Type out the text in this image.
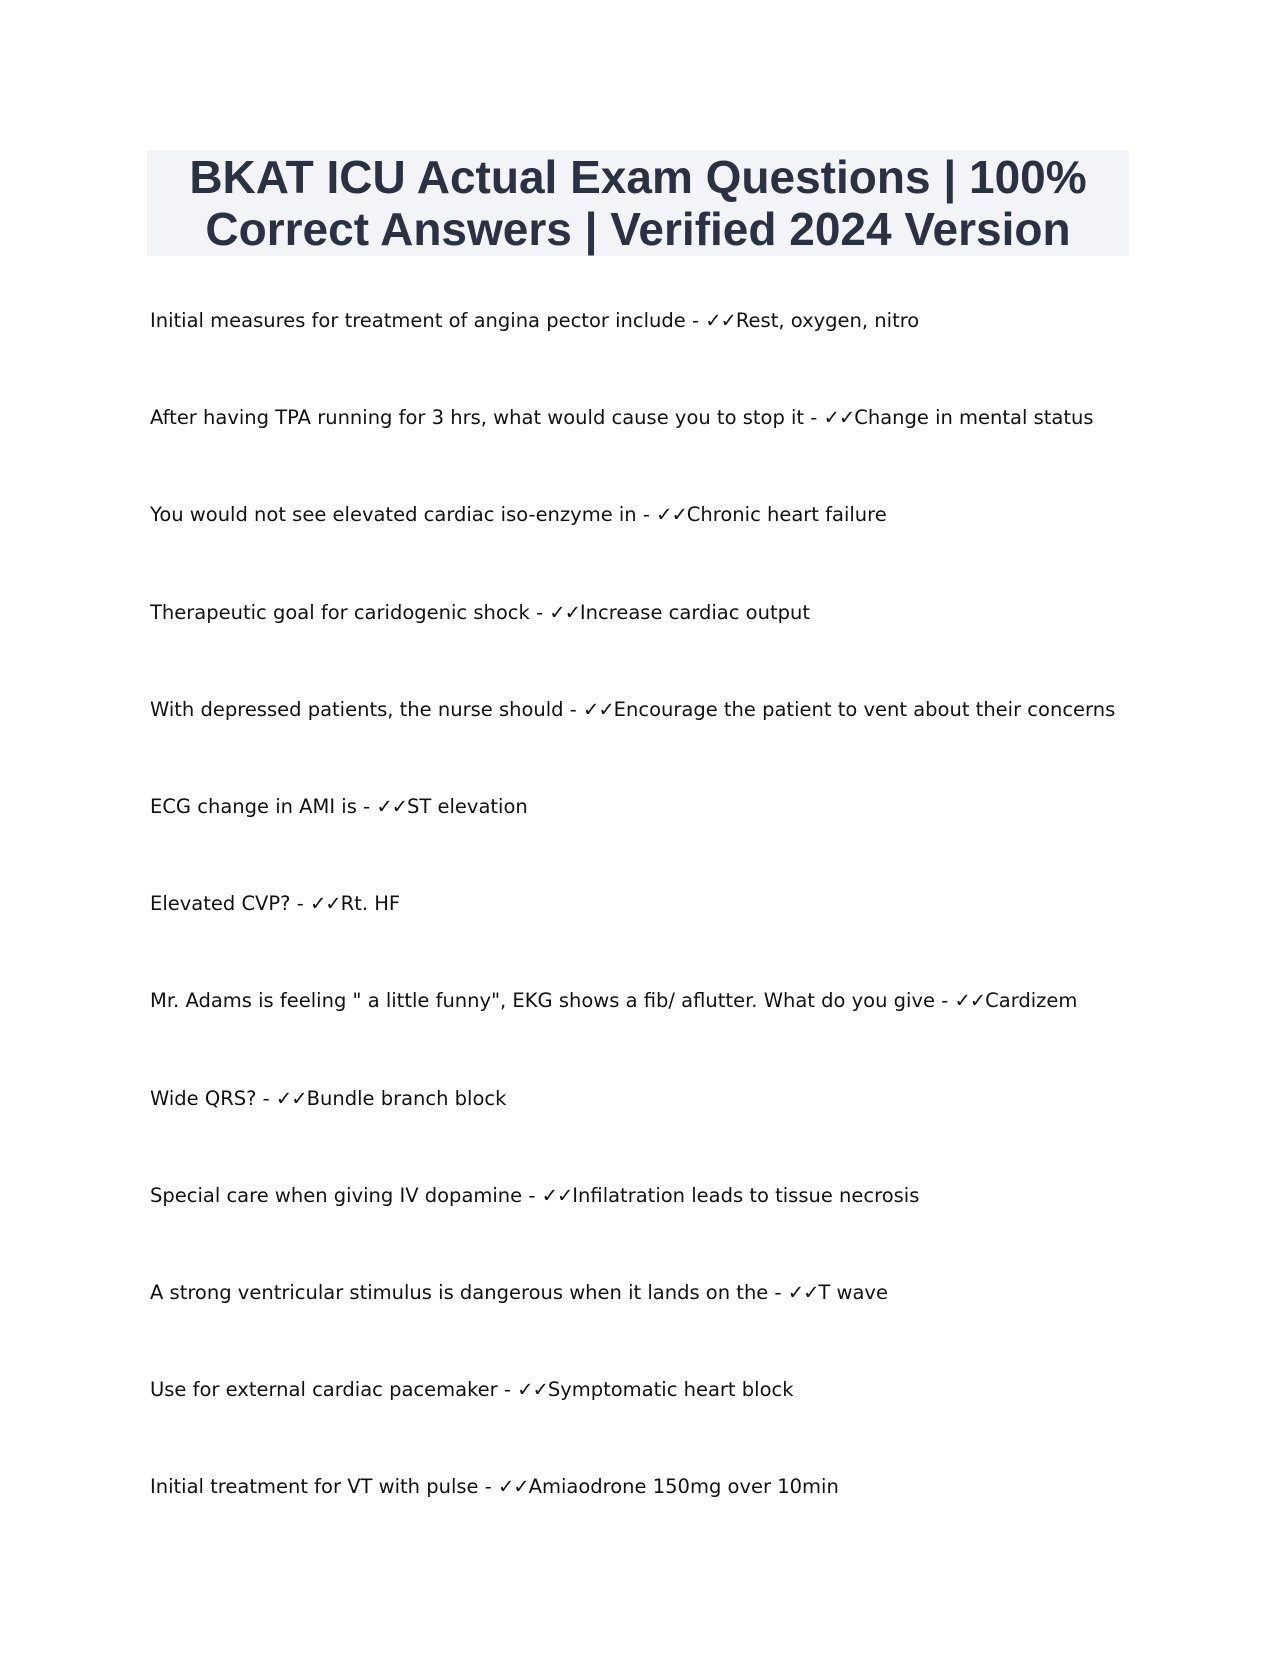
BKAT ICU Actual Exam Questions | 100%
Correct Answers | Verified 2024 Version
Initial measures for treatment of angina pector include - ✓✓Rest, oxygen, nitro
After having TPA running for 3 hrs, what would cause you to stop it - ✓✓Change in mental status
You would not see elevated cardiac iso-enzyme in - ✓✓Chronic heart failure
Therapeutic goal for caridogenic shock - ✓✓Increase cardiac output
With depressed patients, the nurse should - ✓✓Encourage the patient to vent about their concerns
ECG change in AMI is - ✓✓ST elevation
Elevated CVP? - ✓✓Rt. HF
Mr. Adams is feeling " a little funny", EKG shows a fib/ aflutter. What do you give - ✓✓Cardizem
Wide QRS? - ✓✓Bundle branch block
Special care when giving IV dopamine - ✓✓Infilatration leads to tissue necrosis
A strong ventricular stimulus is dangerous when it lands on the - ✓✓T wave
Use for external cardiac pacemaker - ✓✓Symptomatic heart block
Initial treatment for VT with pulse - ✓✓Amiaodrone 150mg over 10min
